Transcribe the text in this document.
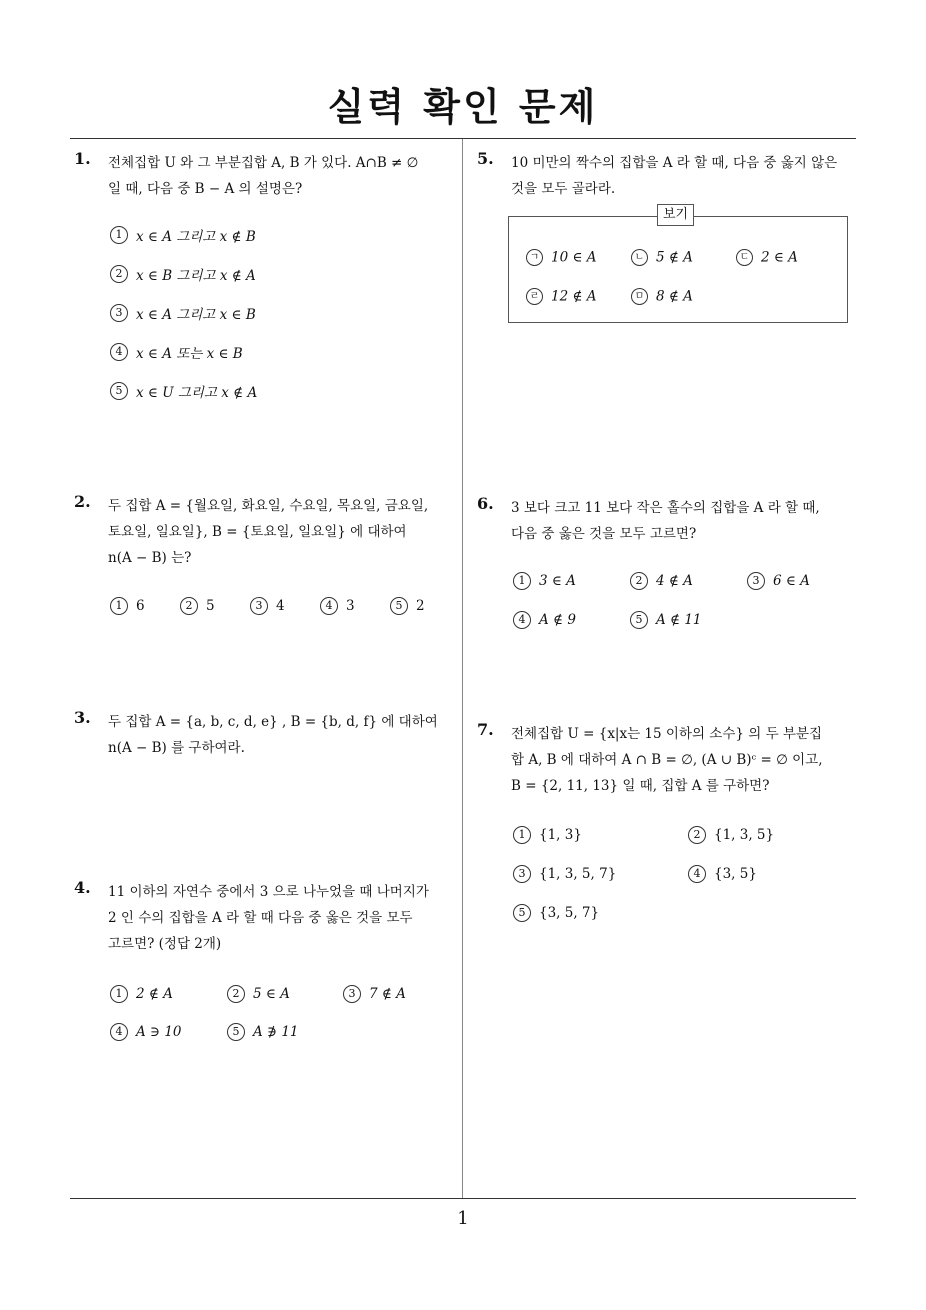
실력 확인 문제
1. 전체집합 U 와 그 부분집합 A, B 가 있다. A∩B ≠ ∅
일 때, 다음 중 B − A 의 설명은?
1 x ∈ A 그리고 x ∉ B
2 x ∈ B 그리고 x ∉ A
3 x ∈ A 그리고 x ∈ B
4 x ∈ A 또는 x ∈ B
5 x ∈ U 그리고 x ∉ A
2. 두 집합 A = {월요일, 화요일, 수요일, 목요일, 금요일,
토요일, 일요일}, B = {토요일, 일요일} 에 대하여
n(A − B) 는?
1 6	2 5	3 4	4 3	5 2
3. 두 집합 A = {a, b, c, d, e} , B = {b, d, f} 에 대하여
n(A − B) 를 구하여라.
4. 11 이하의 자연수 중에서 3 으로 나누었을 때 나머지가
2 인 수의 집합을 A 라 할 때 다음 중 옳은 것을 모두
고르면? (정답 2개)
1 2 ∉ A	2 5 ∈ A	3 7 ∉ A
4 A ∋ 10	5 A ∌ 11
5. 10 미만의 짝수의 집합을 A 라 할 때, 다음 중 옳지 않은
것을 모두 골라라.
보기
ㄱ 10 ∈ A	ㄴ 5 ∉ A	ㄷ 2 ∈ A
ㄹ 12 ∉ A	ㅁ 8 ∉ A
6. 3 보다 크고 11 보다 작은 홀수의 집합을 A 라 할 때,
다음 중 옳은 것을 모두 고르면?
1 3 ∈ A	2 4 ∉ A	3 6 ∈ A
4 A ∉ 9	5 A ∉ 11
7. 전체집합 U = {x|x는 15 이하의 소수} 의 두 부분집
합 A, B 에 대하여 A ∩ B = ∅, (A ∪ B)ᶜ = ∅ 이고,
B = {2, 11, 13} 일 때, 집합 A 를 구하면?
1 {1, 3}	2 {1, 3, 5}
3 {1, 3, 5, 7}	4 {3, 5}
5 {3, 5, 7}
1
